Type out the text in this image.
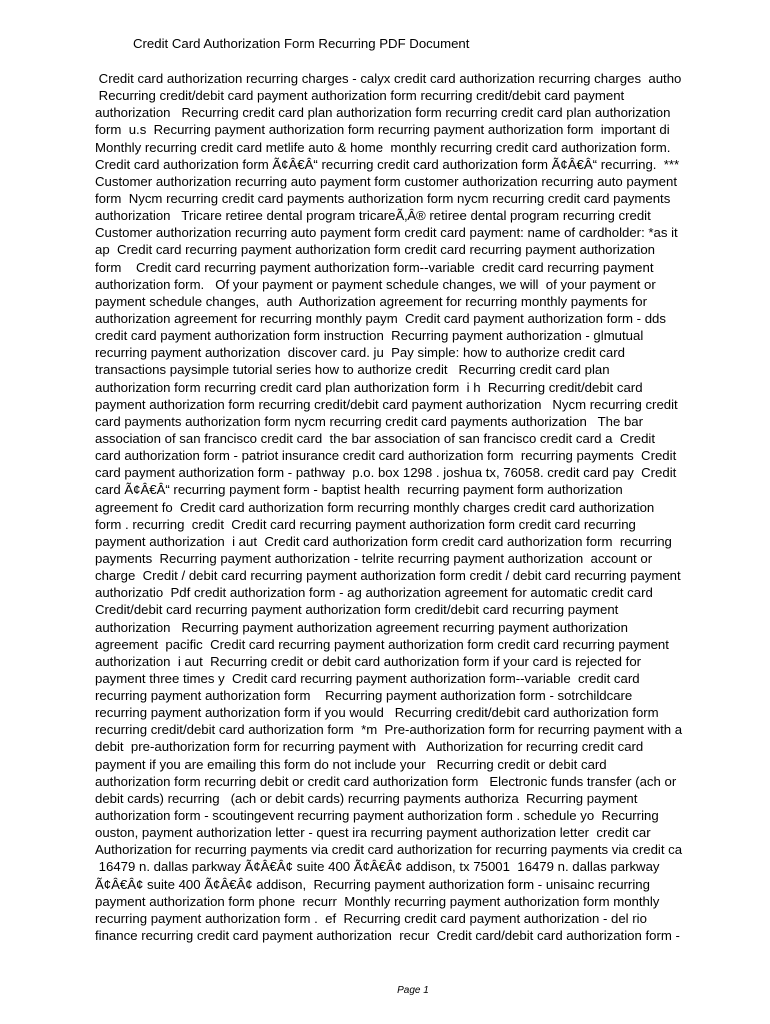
Credit Card Authorization Form Recurring PDF Document
Credit card authorization recurring charges - calyx credit card authorization recurring charges  autho
Recurring credit/debit card payment authorization form recurring credit/debit card payment
authorization   Recurring credit card plan authorization form recurring credit card plan authorization
form  u.s  Recurring payment authorization form recurring payment authorization form  important di
Monthly recurring credit card metlife auto & home  monthly recurring credit card authorization form.
Credit card authorization form Ã¢Â€Â“ recurring credit card authorization form Ã¢Â€Â“ recurring.  ***
Customer authorization recurring auto payment form customer authorization recurring auto payment
form  Nycm recurring credit card payments authorization form nycm recurring credit card payments
authorization   Tricare retiree dental program tricareÃ‚Â® retiree dental program recurring credit
Customer authorization recurring auto payment form credit card payment: name of cardholder: *as it
ap  Credit card recurring payment authorization form credit card recurring payment authorization
form    Credit card recurring payment authorization form--variable  credit card recurring payment
authorization form.   Of your payment or payment schedule changes, we will  of your payment or
payment schedule changes,  auth  Authorization agreement for recurring monthly payments for
authorization agreement for recurring monthly paym  Credit card payment authorization form - dds
credit card payment authorization form instruction  Recurring payment authorization - glmutual
recurring payment authorization  discover card. ju  Pay simple: how to authorize credit card
transactions paysimple tutorial series how to authorize credit   Recurring credit card plan
authorization form recurring credit card plan authorization form  i h  Recurring credit/debit card
payment authorization form recurring credit/debit card payment authorization   Nycm recurring credit
card payments authorization form nycm recurring credit card payments authorization   The bar
association of san francisco credit card  the bar association of san francisco credit card a  Credit
card authorization form - patriot insurance credit card authorization form  recurring payments  Credit
card payment authorization form - pathway  p.o. box 1298 . joshua tx, 76058. credit card pay  Credit
card Ã¢Â€Â“ recurring payment form - baptist health  recurring payment form authorization
agreement fo  Credit card authorization form recurring monthly charges credit card authorization
form . recurring  credit  Credit card recurring payment authorization form credit card recurring
payment authorization  i aut  Credit card authorization form credit card authorization form  recurring
payments  Recurring payment authorization - telrite recurring payment authorization  account or
charge  Credit / debit card recurring payment authorization form credit / debit card recurring payment
authorizatio  Pdf credit authorization form - ag authorization agreement for automatic credit card
Credit/debit card recurring payment authorization form credit/debit card recurring payment
authorization   Recurring payment authorization agreement recurring payment authorization
agreement  pacific  Credit card recurring payment authorization form credit card recurring payment
authorization  i aut  Recurring credit or debit card authorization form if your card is rejected for
payment three times y  Credit card recurring payment authorization form--variable  credit card
recurring payment authorization form    Recurring payment authorization form - sotrchildcare
recurring payment authorization form if you would   Recurring credit/debit card authorization form
recurring credit/debit card authorization form  *m  Pre-authorization form for recurring payment with a
debit  pre-authorization form for recurring payment with   Authorization for recurring credit card
payment if you are emailing this form do not include your   Recurring credit or debit card
authorization form recurring debit or credit card authorization form   Electronic funds transfer (ach or
debit cards) recurring   (ach or debit cards) recurring payments authoriza  Recurring payment
authorization form - scoutingevent recurring payment authorization form . schedule yo  Recurring
ouston, payment authorization letter - quest ira recurring payment authorization letter  credit car
Authorization for recurring payments via credit card authorization for recurring payments via credit ca
16479 n. dallas parkway Ã¢Â€Â¢ suite 400 Ã¢Â€Â¢ addison, tx 75001  16479 n. dallas parkway
Ã¢Â€Â¢ suite 400 Ã¢Â€Â¢ addison,  Recurring payment authorization form - unisainc recurring
payment authorization form phone  recurr  Monthly recurring payment authorization form monthly
recurring payment authorization form .  ef  Recurring credit card payment authorization - del rio
finance recurring credit card payment authorization  recur  Credit card/debit card authorization form -
Page 1
